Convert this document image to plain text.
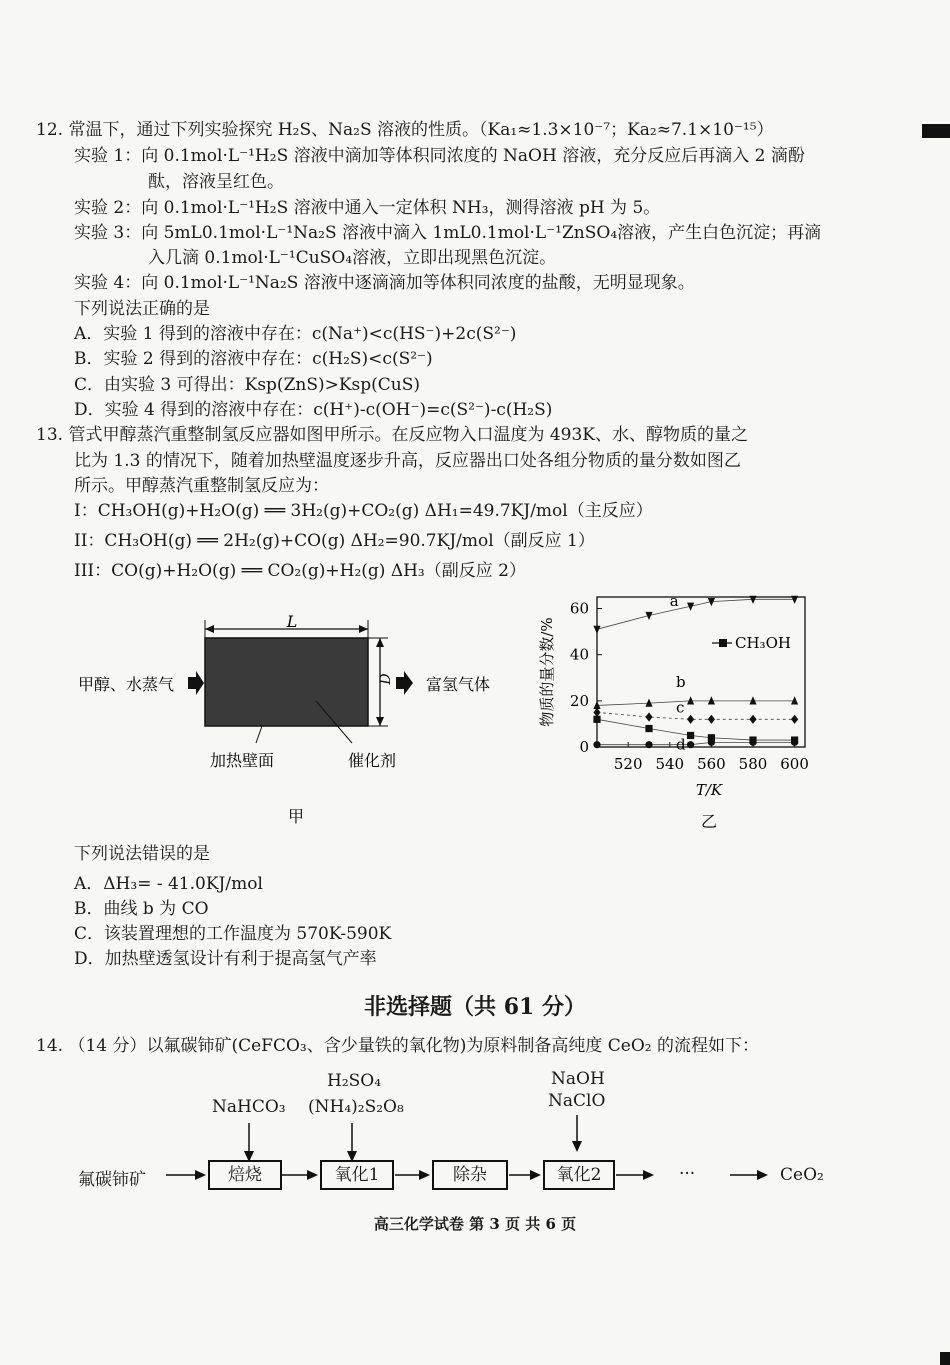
12. 常温下，通过下列实验探究 H₂S、Na₂S 溶液的性质。（Ka₁≈1.3×10⁻⁷；Ka₂≈7.1×10⁻¹⁵）
实验 1：向 0.1mol·L⁻¹H₂S 溶液中滴加等体积同浓度的 NaOH 溶液，充分反应后再滴入 2 滴酚
酞，溶液呈红色。
实验 2：向 0.1mol·L⁻¹H₂S 溶液中通入一定体积 NH₃，测得溶液 pH 为 5。
实验 3：向 5mL0.1mol·L⁻¹Na₂S 溶液中滴入 1mL0.1mol·L⁻¹ZnSO₄溶液，产生白色沉淀；再滴
入几滴 0.1mol·L⁻¹CuSO₄溶液，立即出现黑色沉淀。
实验 4：向 0.1mol·L⁻¹Na₂S 溶液中逐滴滴加等体积同浓度的盐酸，无明显现象。
下列说法正确的是
A．实验 1 得到的溶液中存在：c(Na⁺)<c(HS⁻)+2c(S²⁻)
B．实验 2 得到的溶液中存在：c(H₂S)<c(S²⁻)
C．由实验 3 可得出：Ksp(ZnS)>Ksp(CuS)
D．实验 4 得到的溶液中存在：c(H⁺)-c(OH⁻)=c(S²⁻)-c(H₂S)
13. 管式甲醇蒸汽重整制氢反应器如图甲所示。在反应物入口温度为 493K、水、醇物质的量之
比为 1.3 的情况下，随着加热壁温度逐步升高，反应器出口处各组分物质的量分数如图乙
所示。甲醇蒸汽重整制氢反应为：
I：CH₃OH(g)+H₂O(g) ══ 3H₂(g)+CO₂(g) ΔH₁=49.7KJ/mol（主反应）
II：CH₃OH(g) ══ 2H₂(g)+CO(g) ΔH₂=90.7KJ/mol（副反应 1）
III：CO(g)+H₂O(g) ══ CO₂(g)+H₂(g) ΔH₃（副反应 2）
L
D
甲醇、水蒸气	富氢气体
加热壁面	催化剂
甲
物质的量分数/%
0
20
40
60
520 540 560 580 600
a
b
c
d
CH₃OH
T/K
乙
下列说法错误的是
A．ΔH₃= - 41.0KJ/mol
B．曲线 b 为 CO
C．该装置理想的工作温度为 570K-590K
D．加热壁透氢设计有利于提高氢气产率
非选择题（共 61 分）
14. （14 分）以氟碳铈矿(CeFCO₃、含少量铁的氧化物)为原料制备高纯度 CeO₂ 的流程如下：
NaHCO₃
H₂SO₄
(NH₄)₂S₂O₈
NaOH
NaClO
氟碳铈矿	焙烧	氧化1	除杂	氧化2	···	CeO₂
高三化学试卷 第 3 页 共 6 页
